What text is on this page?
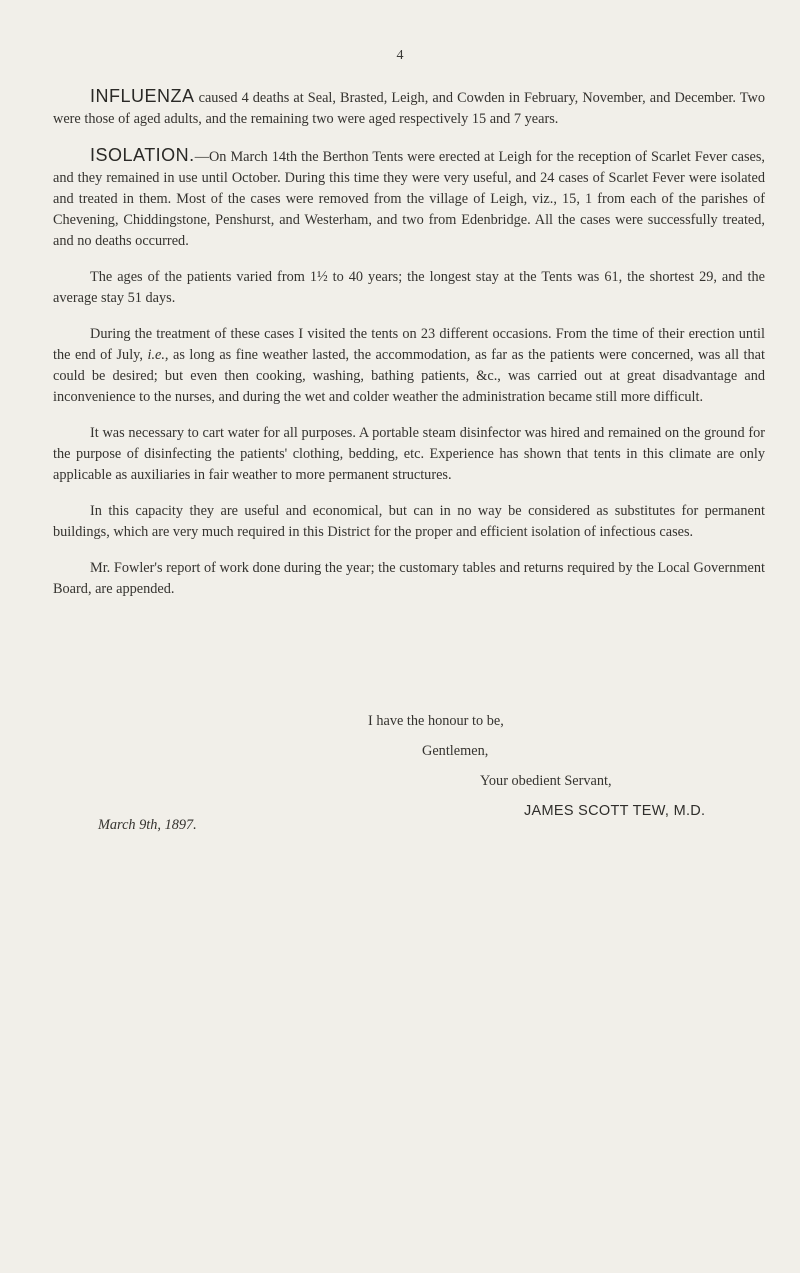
4

INFLUENZA caused 4 deaths at Seal, Brasted, Leigh, and Cowden in February, November, and December. Two were those of aged adults, and the remaining two were aged respectively 15 and 7 years.

ISOLATION.—On March 14th the Berthon Tents were erected at Leigh for the reception of Scarlet Fever cases, and they remained in use until October. During this time they were very useful, and 24 cases of Scarlet Fever were isolated and treated in them. Most of the cases were removed from the village of Leigh, viz., 15, 1 from each of the parishes of Chevening, Chiddingstone, Penshurst, and Westerham, and two from Edenbridge. All the cases were successfully treated, and no deaths occurred.

The ages of the patients varied from 1½ to 40 years; the longest stay at the Tents was 61, the shortest 29, and the average stay 51 days.

During the treatment of these cases I visited the tents on 23 different occasions. From the time of their erection until the end of July, i.e., as long as fine weather lasted, the accommodation, as far as the patients were concerned, was all that could be desired; but even then cooking, washing, bathing patients, &c., was carried out at great disadvantage and inconvenience to the nurses, and during the wet and colder weather the administration became still more difficult.

It was necessary to cart water for all purposes. A portable steam disinfector was hired and remained on the ground for the purpose of disinfecting the patients' clothing, bedding, etc. Experience has shown that tents in this climate are only applicable as auxiliaries in fair weather to more permanent structures.

In this capacity they are useful and economical, but can in no way be considered as substitutes for permanent buildings, which are very much required in this District for the proper and efficient isolation of infectious cases.

Mr. Fowler's report of work done during the year; the customary tables and returns required by the Local Government Board, are appended.

I have the honour to be,
Gentlemen,
Your obedient Servant,
JAMES SCOTT TEW, M.D.
March 9th, 1897.
